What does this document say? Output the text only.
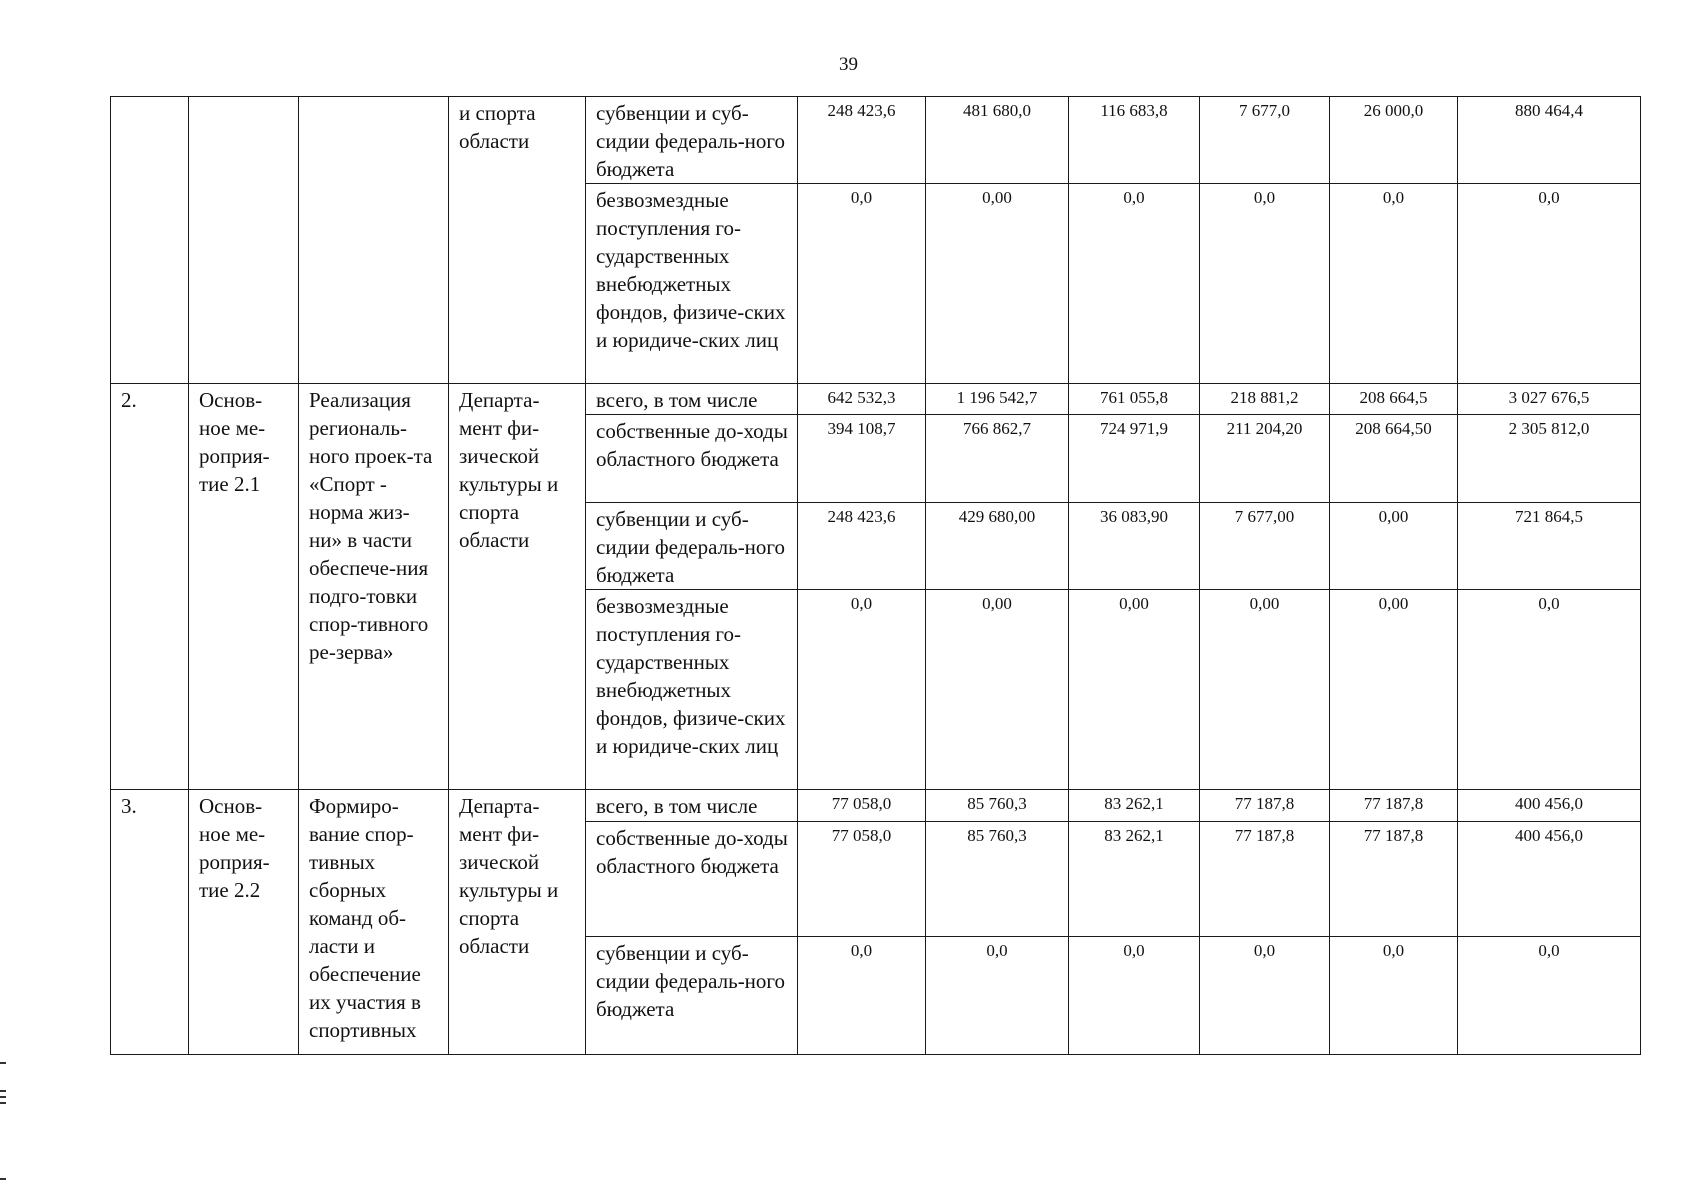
39
			и спорта области	субвенции и суб-сидии федераль-ного бюджета	248 423,6	481 680,0	116 683,8	7 677,0	26 000,0	880 464,4
				безвозмездные поступления го-сударственных внебюджетных фондов, физиче-ских и юридиче-ских лиц	0,0	0,00	0,0	0,0	0,0	0,0
2.	Основ-ное ме-роприя-тие 2.1	Реализация региональ-ного проек-та «Спорт - норма жиз-ни» в части обеспече-ния подго-товки спор-тивного ре-зерва»	Департа-мент фи-зической культуры и спорта области	всего, в том числе	642 532,3	1 196 542,7	761 055,8	218 881,2	208 664,5	3 027 676,5
				собственные до-ходы областного бюджета	394 108,7	766 862,7	724 971,9	211 204,20	208 664,50	2 305 812,0
				субвенции и суб-сидии федераль-ного бюджета	248 423,6	429 680,00	36 083,90	7 677,00	0,00	721 864,5
				безвозмездные поступления го-сударственных внебюджетных фондов, физиче-ских и юридиче-ских лиц	0,0	0,00	0,00	0,00	0,00	0,0
3.	Основ-ное ме-роприя-тие 2.2	Формиро-вание спор-тивных сборных команд об-ласти и обеспечение их участия в спортивных	Департа-мент фи-зической культуры и спорта области	всего, в том числе	77 058,0	85 760,3	83 262,1	77 187,8	77 187,8	400 456,0
				собственные до-ходы областного бюджета	77 058,0	85 760,3	83 262,1	77 187,8	77 187,8	400 456,0
				субвенции и суб-сидии федераль-ного бюджета	0,0	0,0	0,0	0,0	0,0	0,0
